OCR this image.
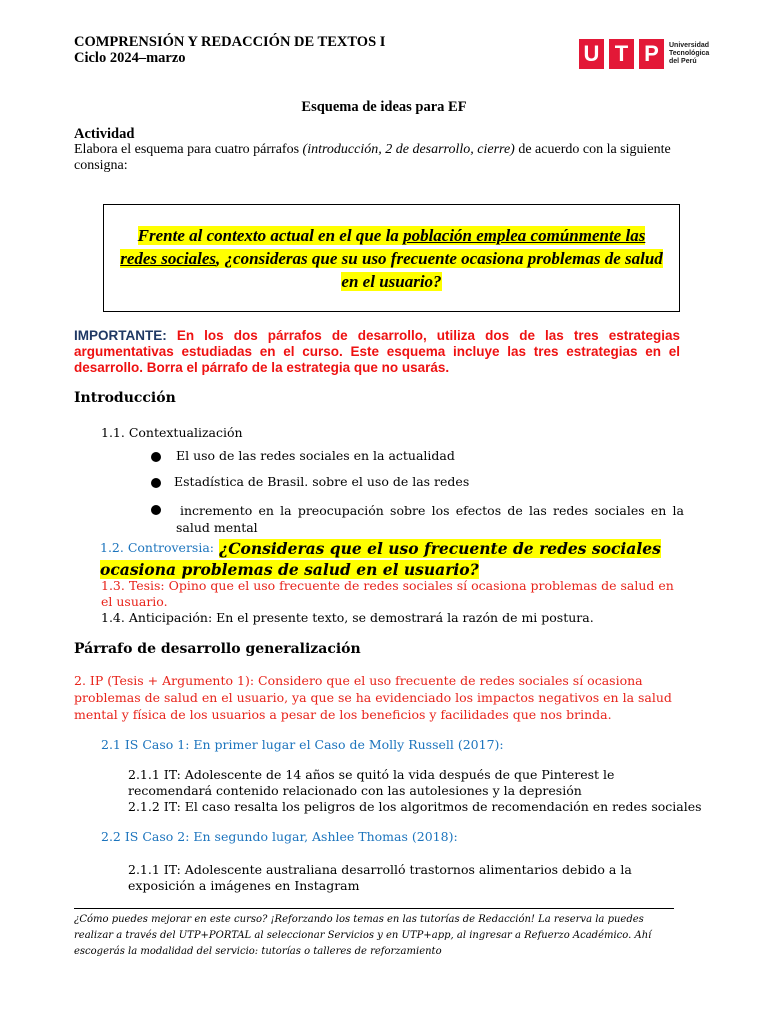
COMPRENSIÓN Y REDACCIÓN DE TEXTOS I
Ciclo 2024–marzo	U T P	Universidad
Tecnológica
del Perú
Esquema de ideas para EF
Actividad
Elabora el esquema para cuatro párrafos (introducción, 2 de desarrollo, cierre) de acuerdo con la siguiente consigna:

Frente al contexto actual en el que la población emplea comúnmente las redes sociales, ¿consideras que su uso frecuente ocasiona problemas de salud en el usuario?

IMPORTANTE: En los dos párrafos de desarrollo, utiliza dos de las tres estrategias argumentativas estudiadas en el curso. Este esquema incluye las tres estrategias en el desarrollo. Borra el párrafo de la estrategia que no usarás.
Introducción
1.1. Contextualización
El uso de las redes sociales en la actualidad
Estadística de Brasil. sobre el uso de las redes
incremento en la preocupación sobre los efectos de las redes sociales en la salud mental
1.2. Controversia: ¿Consideras que el uso frecuente de redes sociales ocasiona problemas de salud en el usuario?
1.3. Tesis: Opino que el uso frecuente de redes sociales sí ocasiona problemas de salud en el usuario.
1.4. Anticipación: En el presente texto, se demostrará la razón de mi postura.
Párrafo de desarrollo generalización
2. IP (Tesis + Argumento 1): Considero que el uso frecuente de redes sociales sí ocasiona problemas de salud en el usuario, ya que se ha evidenciado los impactos negativos en la salud mental y física de los usuarios a pesar de los beneficios y facilidades que nos brinda.
2.1 IS Caso 1: En primer lugar el Caso de Molly Russell (2017):
2.1.1 IT: Adolescente de 14 años se quitó la vida después de que Pinterest le recomendará contenido relacionado con las autolesiones y la depresión
2.1.2 IT: El caso resalta los peligros de los algoritmos de recomendación en redes sociales
2.2 IS Caso 2: En segundo lugar, Ashlee Thomas (2018):
2.1.1 IT: Adolescente australiana desarrolló trastornos alimentarios debido a la exposición a imágenes en Instagram
¿Cómo puedes mejorar en este curso? ¡Reforzando los temas en las tutorías de Redacción! La reserva la puedes realizar a través del UTP+PORTAL al seleccionar Servicios y en UTP+app, al ingresar a Refuerzo Académico. Ahí escogerás la modalidad del servicio: tutorías o talleres de reforzamiento
